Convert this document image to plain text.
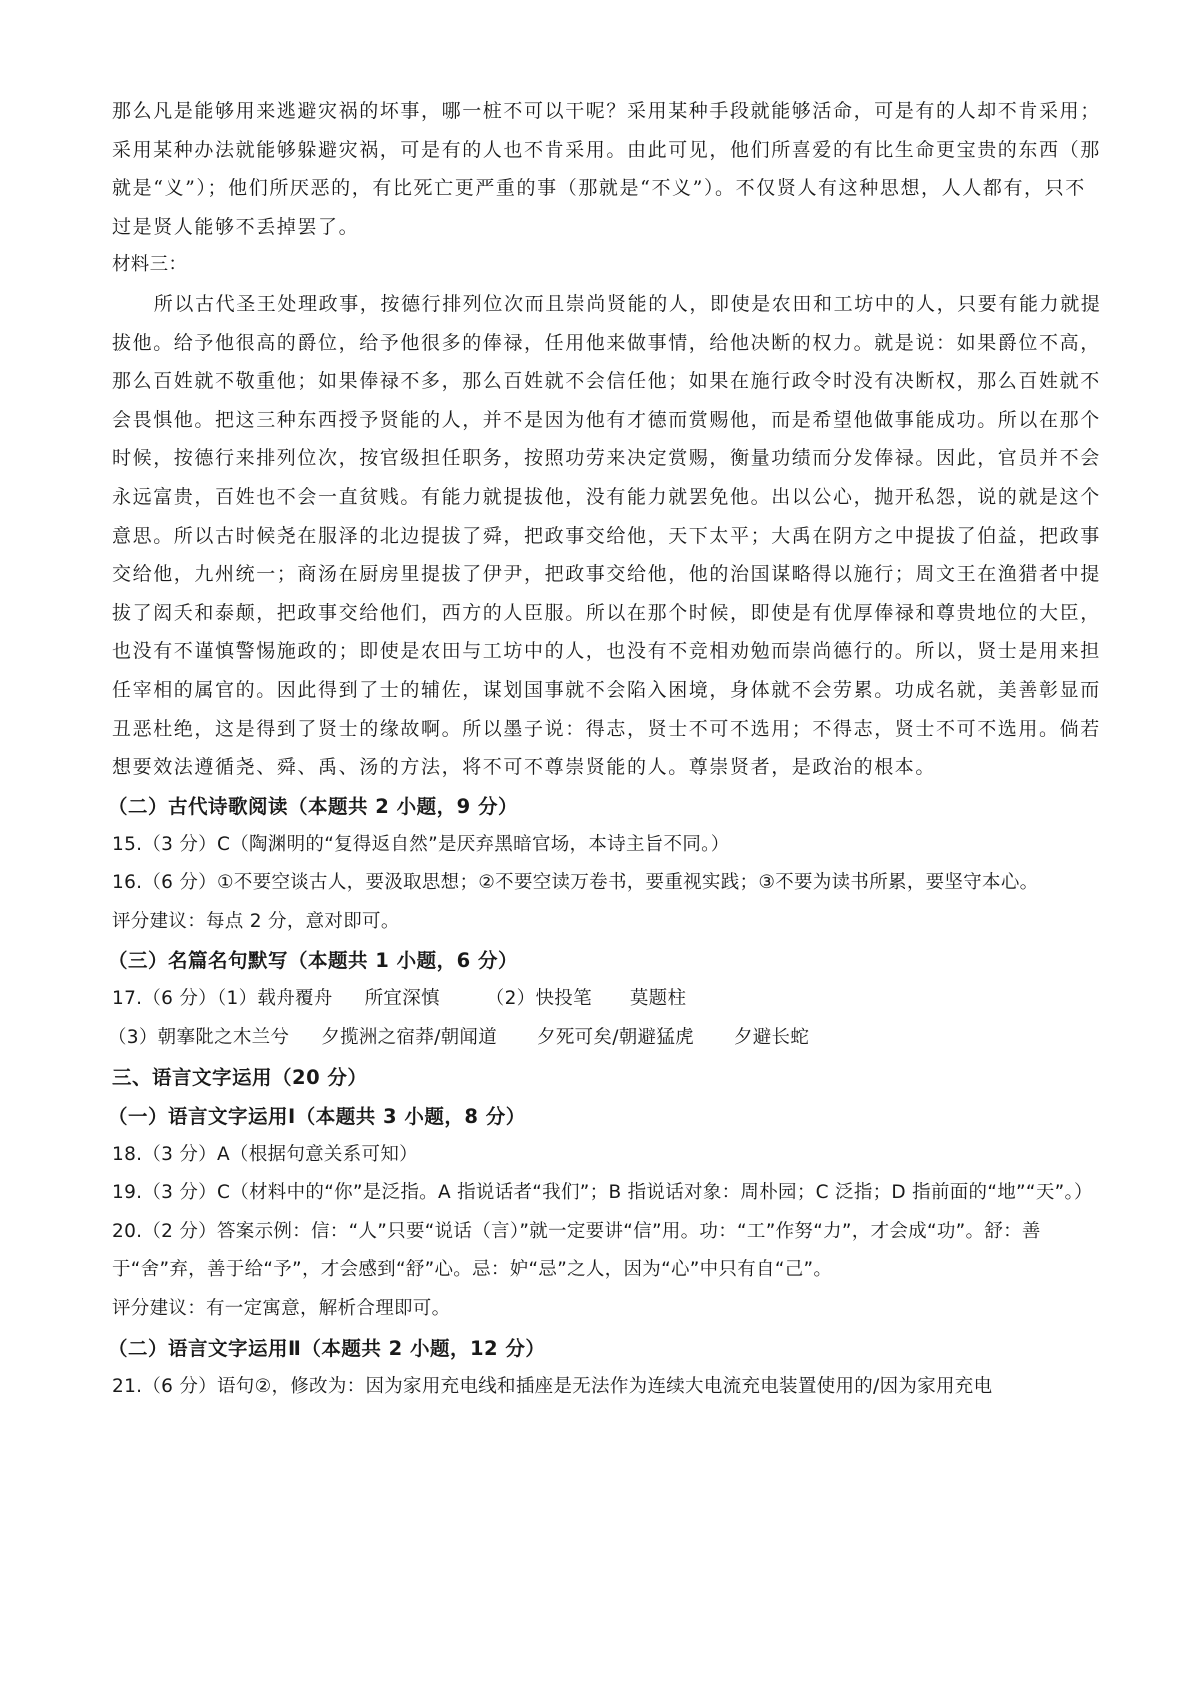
那么凡是能够用来逃避灾祸的坏事，哪一桩不可以干呢？采用某种手段就能够活命，可是有的人却不肯采用；采用某种办法就能够躲避灾祸，可是有的人也不肯采用。由此可见，他们所喜爱的有比生命更宝贵的东西（那就是“义”）；他们所厌恶的，有比死亡更严重的事（那就是“不义”）。不仅贤人有这种思想，人人都有，只不过是贤人能够不丢掉罢了。

材料三：

所以古代圣王处理政事，按德行排列位次而且崇尚贤能的人，即使是农田和工坊中的人，只要有能力就提拔他。给予他很高的爵位，给予他很多的俸禄，任用他来做事情，给他决断的权力。就是说：如果爵位不高，那么百姓就不敬重他；如果俸禄不多，那么百姓就不会信任他；如果在施行政令时没有决断权，那么百姓就不会畏惧他。把这三种东西授予贤能的人，并不是因为他有才德而赏赐他，而是希望他做事能成功。所以在那个时候，按德行来排列位次，按官级担任职务，按照功劳来决定赏赐，衡量功绩而分发俸禄。因此，官员并不会永远富贵，百姓也不会一直贫贱。有能力就提拔他，没有能力就罢免他。出以公心，抛开私怨，说的就是这个意思。所以古时候尧在服泽的北边提拔了舜，把政事交给他，天下太平；大禹在阴方之中提拔了伯益，把政事交给他，九州统一；商汤在厨房里提拔了伊尹，把政事交给他，他的治国谋略得以施行；周文王在渔猎者中提拔了闳夭和泰颠，把政事交给他们，西方的人臣服。所以在那个时候，即使是有优厚俸禄和尊贵地位的大臣，也没有不谨慎警惕施政的；即使是农田与工坊中的人，也没有不竞相劝勉而崇尚德行的。所以，贤士是用来担任宰相的属官的。因此得到了士的辅佐，谋划国事就不会陷入困境，身体就不会劳累。功成名就，美善彰显而丑恶杜绝，这是得到了贤士的缘故啊。所以墨子说：得志，贤士不可不选用；不得志，贤士不可不选用。倘若想要效法遵循尧、舜、禹、汤的方法，将不可不尊崇贤能的人。尊崇贤者，是政治的根本。

（二）古代诗歌阅读（本题共 2 小题，9 分）

15.（3 分）C（陶渊明的“复得返自然”是厌弃黑暗官场，本诗主旨不同。）

16.（6 分）①不要空谈古人，要汲取思想；②不要空读万卷书，要重视实践；③不要为读书所累，要坚守本心。

评分建议：每点 2 分，意对即可。

（三）名篇名句默写（本题共 1 小题，6 分）

17.（6 分）（1）载舟覆舟 所宜深慎 （2）快投笔 莫题柱
（3）朝搴阰之木兰兮 夕揽洲之宿莽/朝闻道 夕死可矣/朝避猛虎 夕避长蛇

三、语言文字运用（20 分）

（一）语言文字运用Ⅰ（本题共 3 小题，8 分）

18.（3 分）A（根据句意关系可知）

19.（3 分）C（材料中的“你”是泛指。A 指说话者“我们”；B 指说话对象：周朴园；C 泛指；D 指前面的“地”“天”。）

20.（2 分）答案示例：信：“人”只要“说话（言）”就一定要讲“信”用。功：“工”作努“力”，才会成“功”。舒：善于“舍”弃，善于给“予”，才会感到“舒”心。忌：妒“忌”之人，因为“心”中只有自“己”。

评分建议：有一定寓意，解析合理即可。

（二）语言文字运用Ⅱ（本题共 2 小题，12 分）

21.（6 分）语句②，修改为：因为家用充电线和插座是无法作为连续大电流充电装置使用的/因为家用充电
